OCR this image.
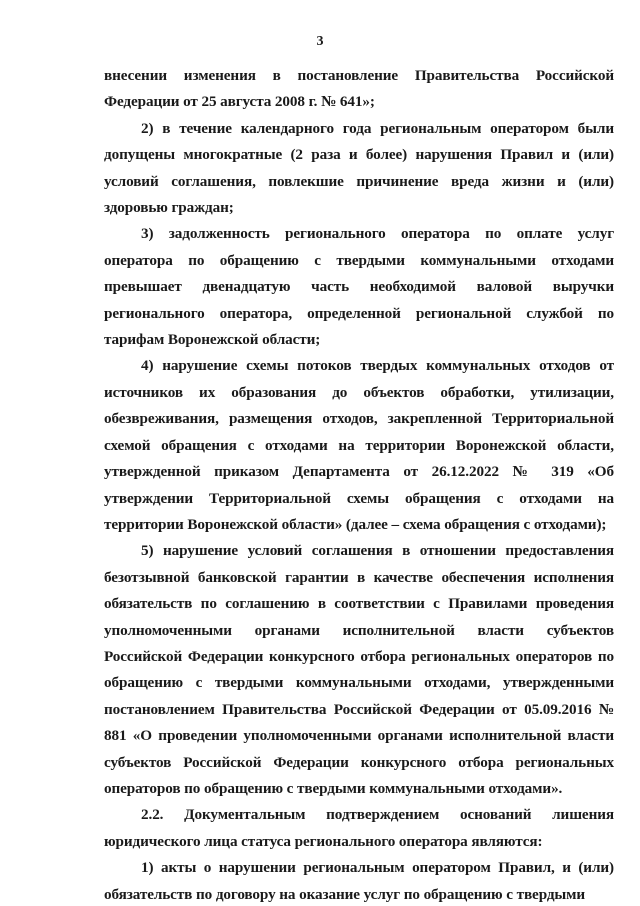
3

внесении изменения в постановление Правительства Российской Федерации от 25 августа 2008 г. № 641»;

2) в течение календарного года региональным оператором были допущены многократные (2 раза и более) нарушения Правил и (или) условий соглашения, повлекшие причинение вреда жизни и (или) здоровью граждан;

3) задолженность регионального оператора по оплате услуг оператора по обращению с твердыми коммунальными отходами превышает двенадцатую часть необходимой валовой выручки регионального оператора, определенной региональной службой по тарифам Воронежской области;

4) нарушение схемы потоков твердых коммунальных отходов от источников их образования до объектов обработки, утилизации, обезвреживания, размещения отходов, закрепленной Территориальной схемой обращения с отходами на территории Воронежской области, утвержденной приказом Департамента от 26.12.2022 № 319 «Об утверждении Территориальной схемы обращения с отходами на территории Воронежской области» (далее – схема обращения с отходами);

5) нарушение условий соглашения в отношении предоставления безотзывной банковской гарантии в качестве обеспечения исполнения обязательств по соглашению в соответствии с Правилами проведения уполномоченными органами исполнительной власти субъектов Российской Федерации конкурсного отбора региональных операторов по обращению с твердыми коммунальными отходами, утвержденными постановлением Правительства Российской Федерации от 05.09.2016 № 881 «О проведении уполномоченными органами исполнительной власти субъектов Российской Федерации конкурсного отбора региональных операторов по обращению с твердыми коммунальными отходами».

2.2. Документальным подтверждением оснований лишения юридического лица статуса регионального оператора являются:

1) акты о нарушении региональным оператором Правил, и (или) обязательств по договору на оказание услуг по обращению с твердыми
